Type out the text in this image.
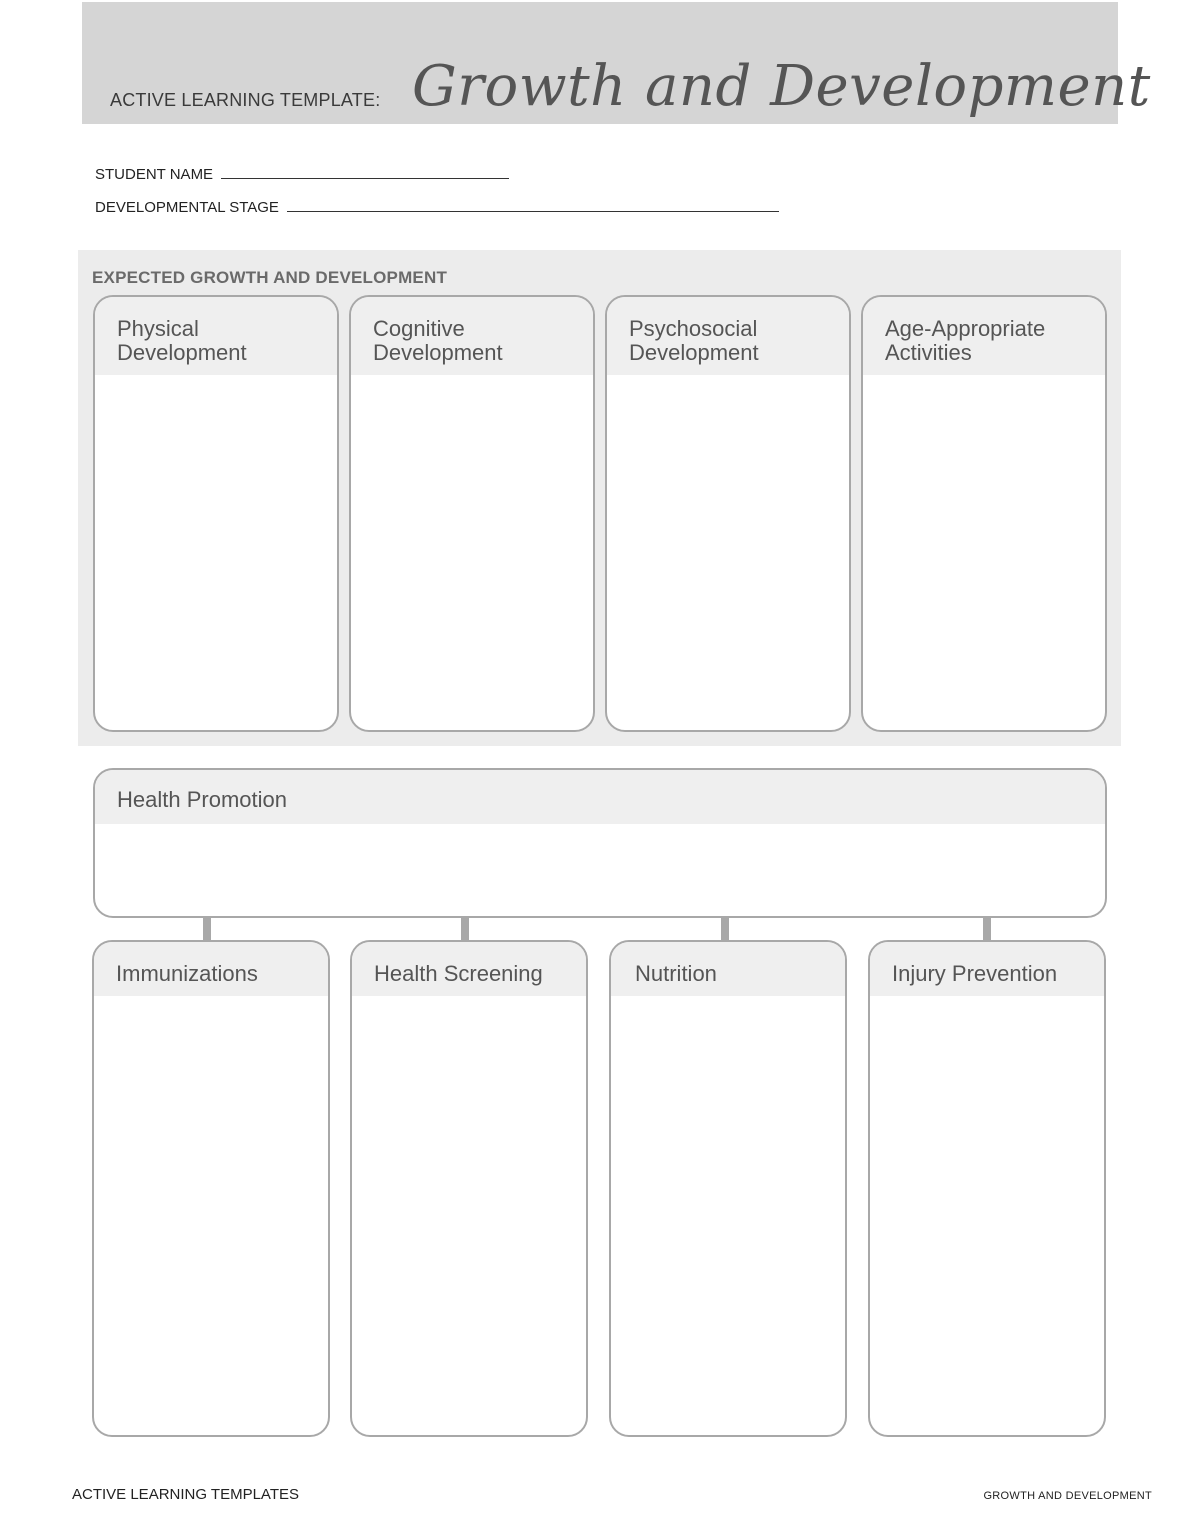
ACTIVE LEARNING TEMPLATE: Growth and Development
STUDENT NAME
DEVELOPMENTAL STAGE
EXPECTED GROWTH AND DEVELOPMENT
Physical
Development
Cognitive
Development
Psychosocial
Development
Age-Appropriate
Activities
Health Promotion
Immunizations	Health Screening	Nutrition	Injury Prevention
ACTIVE LEARNING TEMPLATES	GROWTH AND DEVELOPMENT
